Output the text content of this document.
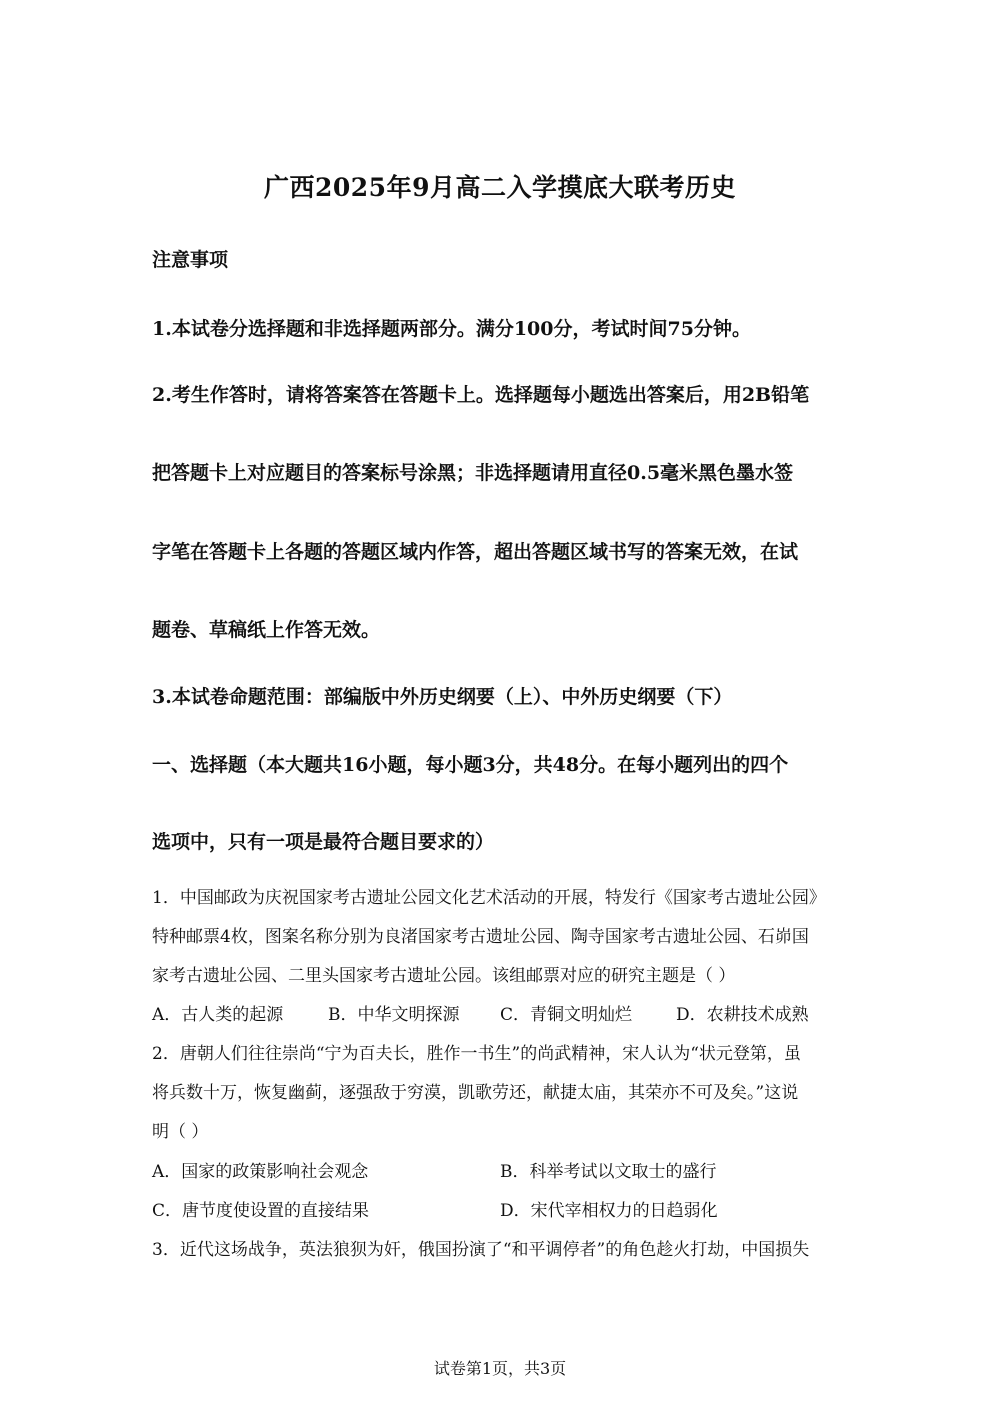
广西2025年9月高二入学摸底大联考历史
注意事项
1.本试卷分选择题和非选择题两部分。满分100分，考试时间75分钟。
2.考生作答时，请将答案答在答题卡上。选择题每小题选出答案后，用2B铅笔
把答题卡上对应题目的答案标号涂黑；非选择题请用直径0.5毫米黑色墨水签
字笔在答题卡上各题的答题区域内作答，超出答题区域书写的答案无效，在试
题卷、草稿纸上作答无效。
3.本试卷命题范围：部编版中外历史纲要（上）、中外历史纲要（下）
一、选择题（本大题共16小题，每小题3分，共48分。在每小题列出的四个
选项中，只有一项是最符合题目要求的）
1．中国邮政为庆祝国家考古遗址公园文化艺术活动的开展，特发行《国家考古遗址公园》
特种邮票4枚，图案名称分别为良渚国家考古遗址公园、陶寺国家考古遗址公园、石峁国
家考古遗址公园、二里头国家考古遗址公园。该组邮票对应的研究主题是（ ）
A．古人类的起源	B．中华文明探源 C．青铜文明灿烂	D．农耕技术成熟
2．唐朝人们往往崇尚“宁为百夫长，胜作一书生”的尚武精神，宋人认为“状元登第，虽
将兵数十万，恢复幽蓟，逐强敌于穷漠，凯歌劳还，献捷太庙，其荣亦不可及矣。”这说
明（ ）
A．国家的政策影响社会观念	B．科举考试以文取士的盛行
C．唐节度使设置的直接结果	D．宋代宰相权力的日趋弱化
3．近代这场战争，英法狼狈为奸，俄国扮演了“和平调停者”的角色趁火打劫，中国损失
试卷第1页，共3页
